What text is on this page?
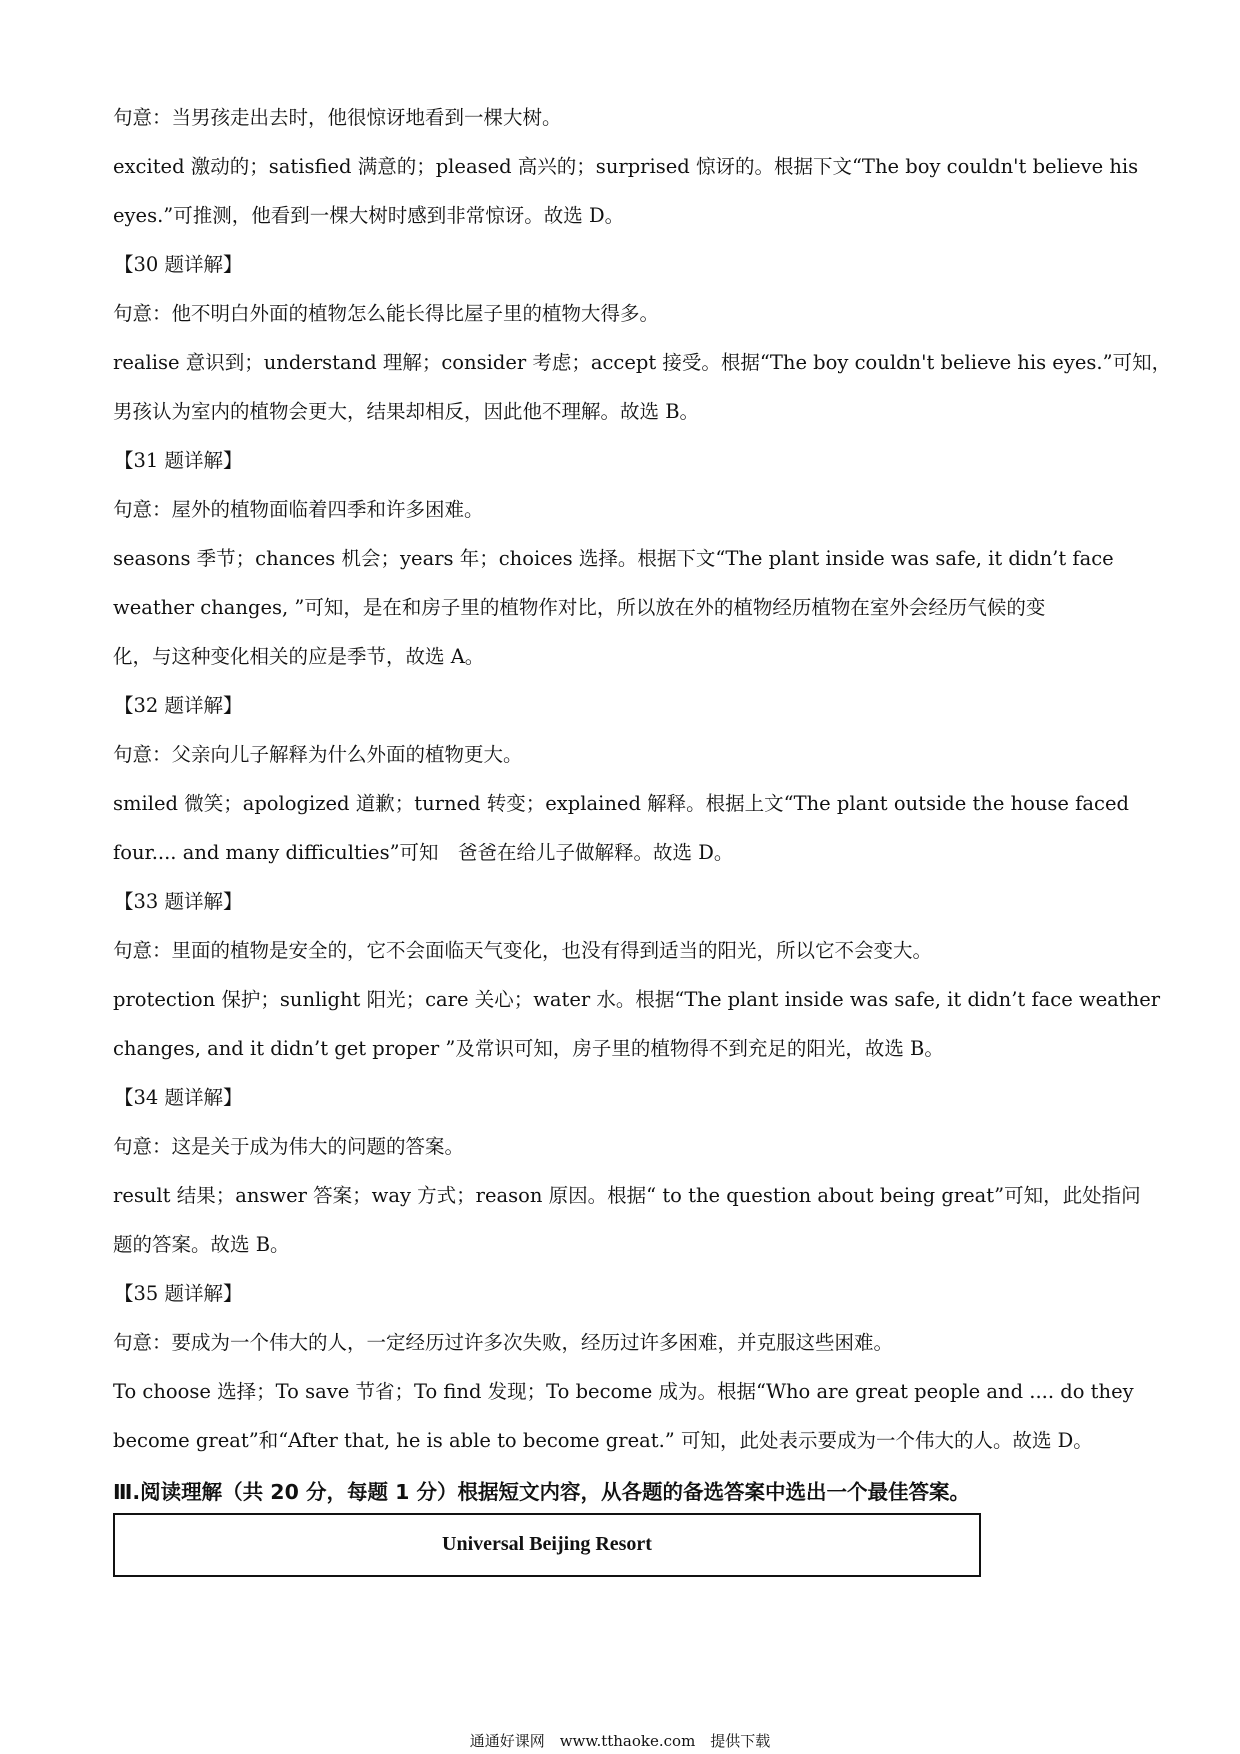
句意：当男孩走出去时，他很惊讶地看到一棵大树。
excited 激动的；satisfied 满意的；pleased 高兴的；surprised 惊讶的。根据下文“The boy couldn't believe his
eyes.”可推测，他看到一棵大树时感到非常惊讶。故选 D。
【30 题详解】
句意：他不明白外面的植物怎么能长得比屋子里的植物大得多。
realise 意识到；understand 理解；consider 考虑；accept 接受。根据“The boy couldn't believe his eyes.”可知，
男孩认为室内的植物会更大，结果却相反，因此他不理解。故选 B。
【31 题详解】
句意：屋外的植物面临着四季和许多困难。
seasons 季节；chances 机会；years 年；choices 选择。根据下文“The plant inside was safe, it didn’t face
weather changes, ”可知，是在和房子里的植物作对比，所以放在外的植物经历植物在室外会经历气候的变
化，与这种变化相关的应是季节，故选 A。
【32 题详解】
句意：父亲向儿子解释为什么外面的植物更大。
smiled 微笑；apologized 道歉；turned 转变；explained 解释。根据上文“The plant outside the house faced
four.... and many difficulties”可知　爸爸在给儿子做解释。故选 D。
【33 题详解】
句意：里面的植物是安全的，它不会面临天气变化，也没有得到适当的阳光，所以它不会变大。
protection 保护；sunlight 阳光；care 关心；water 水。根据“The plant inside was safe, it didn’t face weather
changes, and it didn’t get proper ”及常识可知，房子里的植物得不到充足的阳光，故选 B。
【34 题详解】
句意：这是关于成为伟大的问题的答案。
result 结果；answer 答案；way 方式；reason 原因。根据“ to the question about being great”可知，此处指问
题的答案。故选 B。
【35 题详解】
句意：要成为一个伟大的人，一定经历过许多次失败，经历过许多困难，并克服这些困难。
To choose 选择；To save 节省；To find 发现；To become 成为。根据“Who are great people and .... do they
become great”和“After that, he is able to become great.” 可知，此处表示要成为一个伟大的人。故选 D。
Ⅲ.阅读理解（共 20 分，每题 1 分）根据短文内容，从各题的备选答案中选出一个最佳答案。
Universal Beijing Resort
通通好课网　www.tthaoke.com　提供下载
